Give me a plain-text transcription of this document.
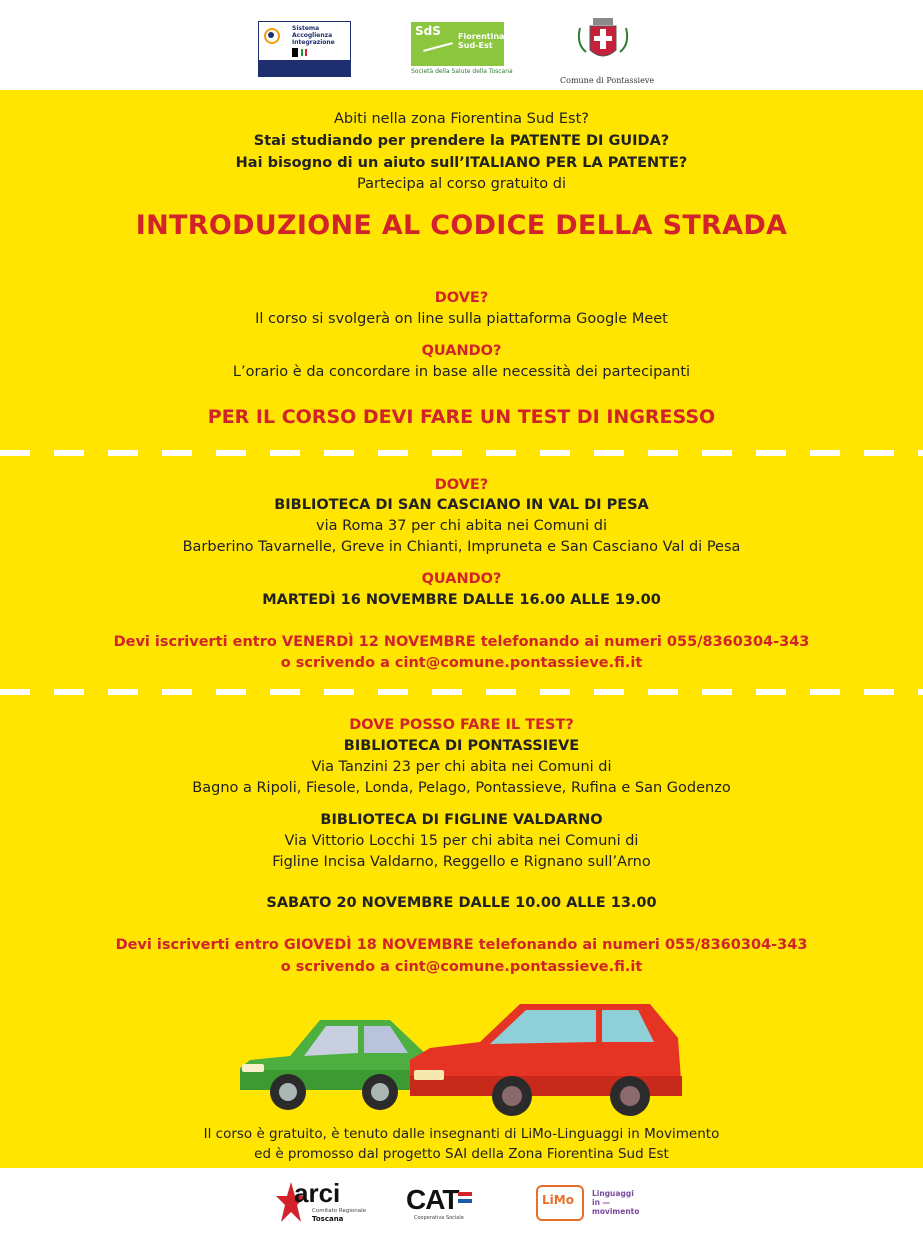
Sistema
Accoglienza
Integrazione
SdS Fiorentina
Sud-Est
Società della Salute della Toscana
Comune di Pontassieve
Abiti nella zona Fiorentina Sud Est?
Stai studiando per prendere la PATENTE DI GUIDA?
Hai bisogno di un aiuto sull’ITALIANO PER LA PATENTE?
Partecipa al corso gratuito di
INTRODUZIONE AL CODICE DELLA STRADA
DOVE?
Il corso si svolgerà on line sulla piattaforma Google Meet
QUANDO?
L’orario è da concordare in base alle necessità dei partecipanti
PER IL CORSO DEVI FARE UN TEST DI INGRESSO
DOVE?
BIBLIOTECA DI SAN CASCIANO IN VAL DI PESA
via Roma 37 per chi abita nei Comuni di
Barberino Tavarnelle, Greve in Chianti, Impruneta e San Casciano Val di Pesa
QUANDO?
MARTEDÌ 16 NOVEMBRE DALLE 16.00 ALLE 19.00
Devi iscriverti entro VENERDÌ 12 NOVEMBRE telefonando ai numeri 055/8360304-343
o scrivendo a cint@comune.pontassieve.fi.it
DOVE POSSO FARE IL TEST?
BIBLIOTECA DI PONTASSIEVE
Via Tanzini 23 per chi abita nei Comuni di
Bagno a Ripoli, Fiesole, Londa, Pelago, Pontassieve, Rufina e San Godenzo
BIBLIOTECA DI FIGLINE VALDARNO
Via Vittorio Locchi 15 per chi abita nei Comuni di
Figline Incisa Valdarno, Reggello e Rignano sull’Arno
SABATO 20 NOVEMBRE DALLE 10.00 ALLE 13.00
Devi iscriverti entro GIOVEDÌ 18 NOVEMBRE telefonando ai numeri 055/8360304-343
o scrivendo a cint@comune.pontassieve.fi.it
Il corso è gratuito, è tenuto dalle insegnanti di LiMo-Linguaggi in Movimento
ed è promosso dal progetto SAI della Zona Fiorentina Sud Est
arci
Comitato Regionale
Toscana
CAT
Cooperativa Sociale
LiMo Linguaggi
in —
movimento
